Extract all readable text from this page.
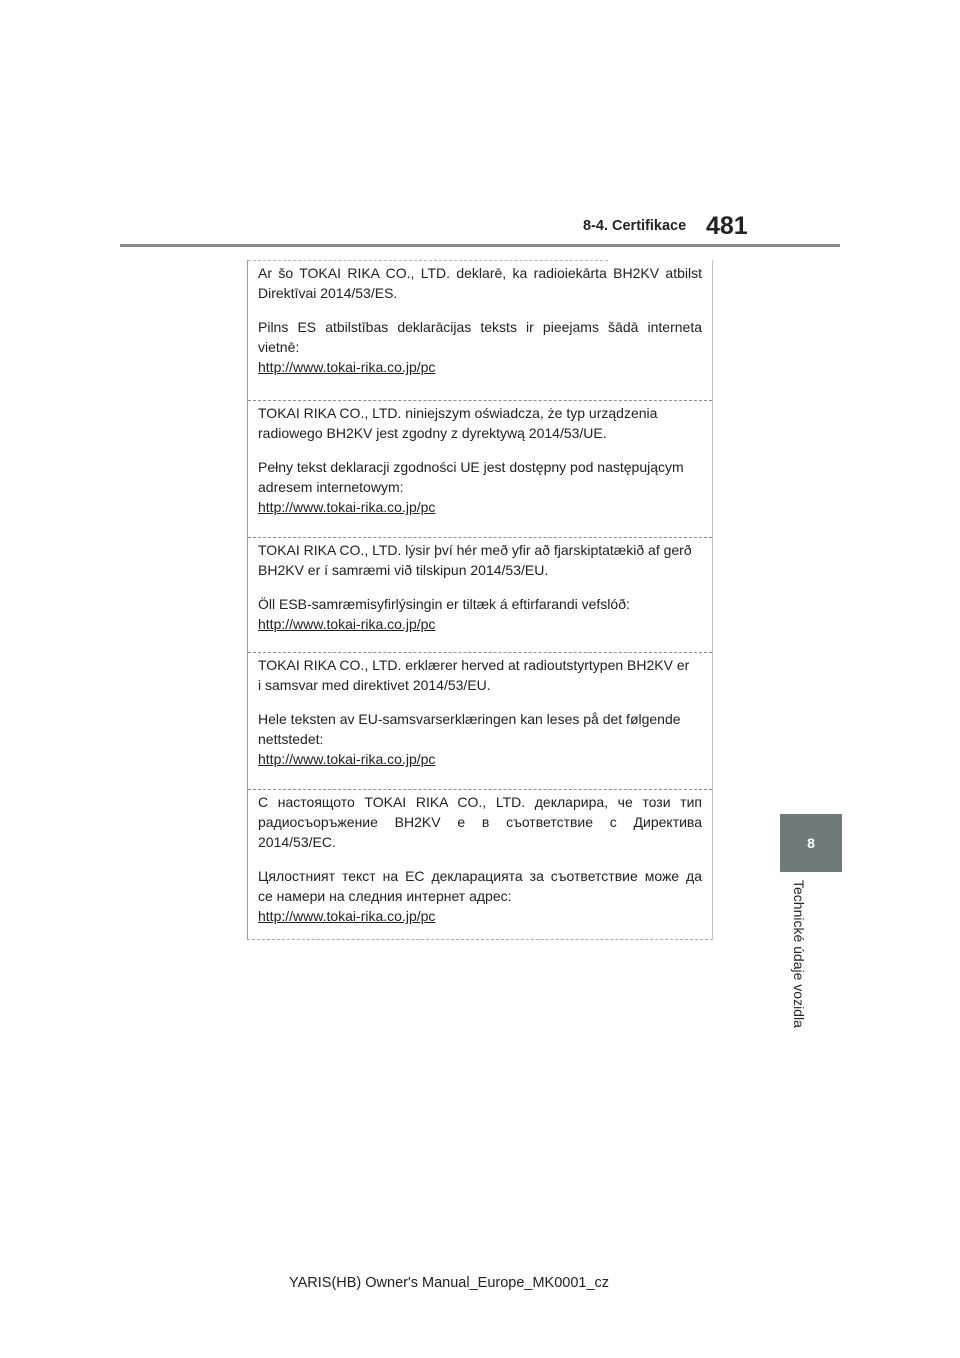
8-4. Certifikace 481
8
Technické údaje vozidla
Ar šo TOKAI RIKA CO., LTD. deklarē, ka radioiekārta BH2KV atbilst
Direktīvai 2014/53/ES.
Pilns ES atbilstības deklarācijas teksts ir pieejams šādā interneta
vietnē:
http://www.tokai-rika.co.jp/pc
TOKAI RIKA CO., LTD. niniejszym oświadcza, że typ urządzenia
radiowego BH2KV jest zgodny z dyrektywą 2014/53/UE.
Pełny tekst deklaracji zgodności UE jest dostępny pod następującym
adresem internetowym:
http://www.tokai-rika.co.jp/pc
TOKAI RIKA CO., LTD. lýsir því hér með yfir að fjarskiptatækið af gerð
BH2KV er í samræmi við tilskipun 2014/53/EU.
Öll ESB-samræmisyfirlýsingin er tiltæk á eftirfarandi vefslóð:
http://www.tokai-rika.co.jp/pc
TOKAI RIKA CO., LTD. erklærer herved at radioutstyrtypen BH2KV er
i samsvar med direktivet 2014/53/EU.
Hele teksten av EU-samsvarserklæringen kan leses på det følgende
nettstedet:
http://www.tokai-rika.co.jp/pc
С настоящото TOKAI RIKA CO., LTD. декларира, че този тип
радиосъоръжение BH2KV е в съответствие с Директива
2014/53/ЕС.
Цялостният текст на ЕС декларацията за съответствие може да
се намери на следния интернет адрес:
http://www.tokai-rika.co.jp/pc
YARIS(HB) Owner's Manual_Europe_MK0001_cz
